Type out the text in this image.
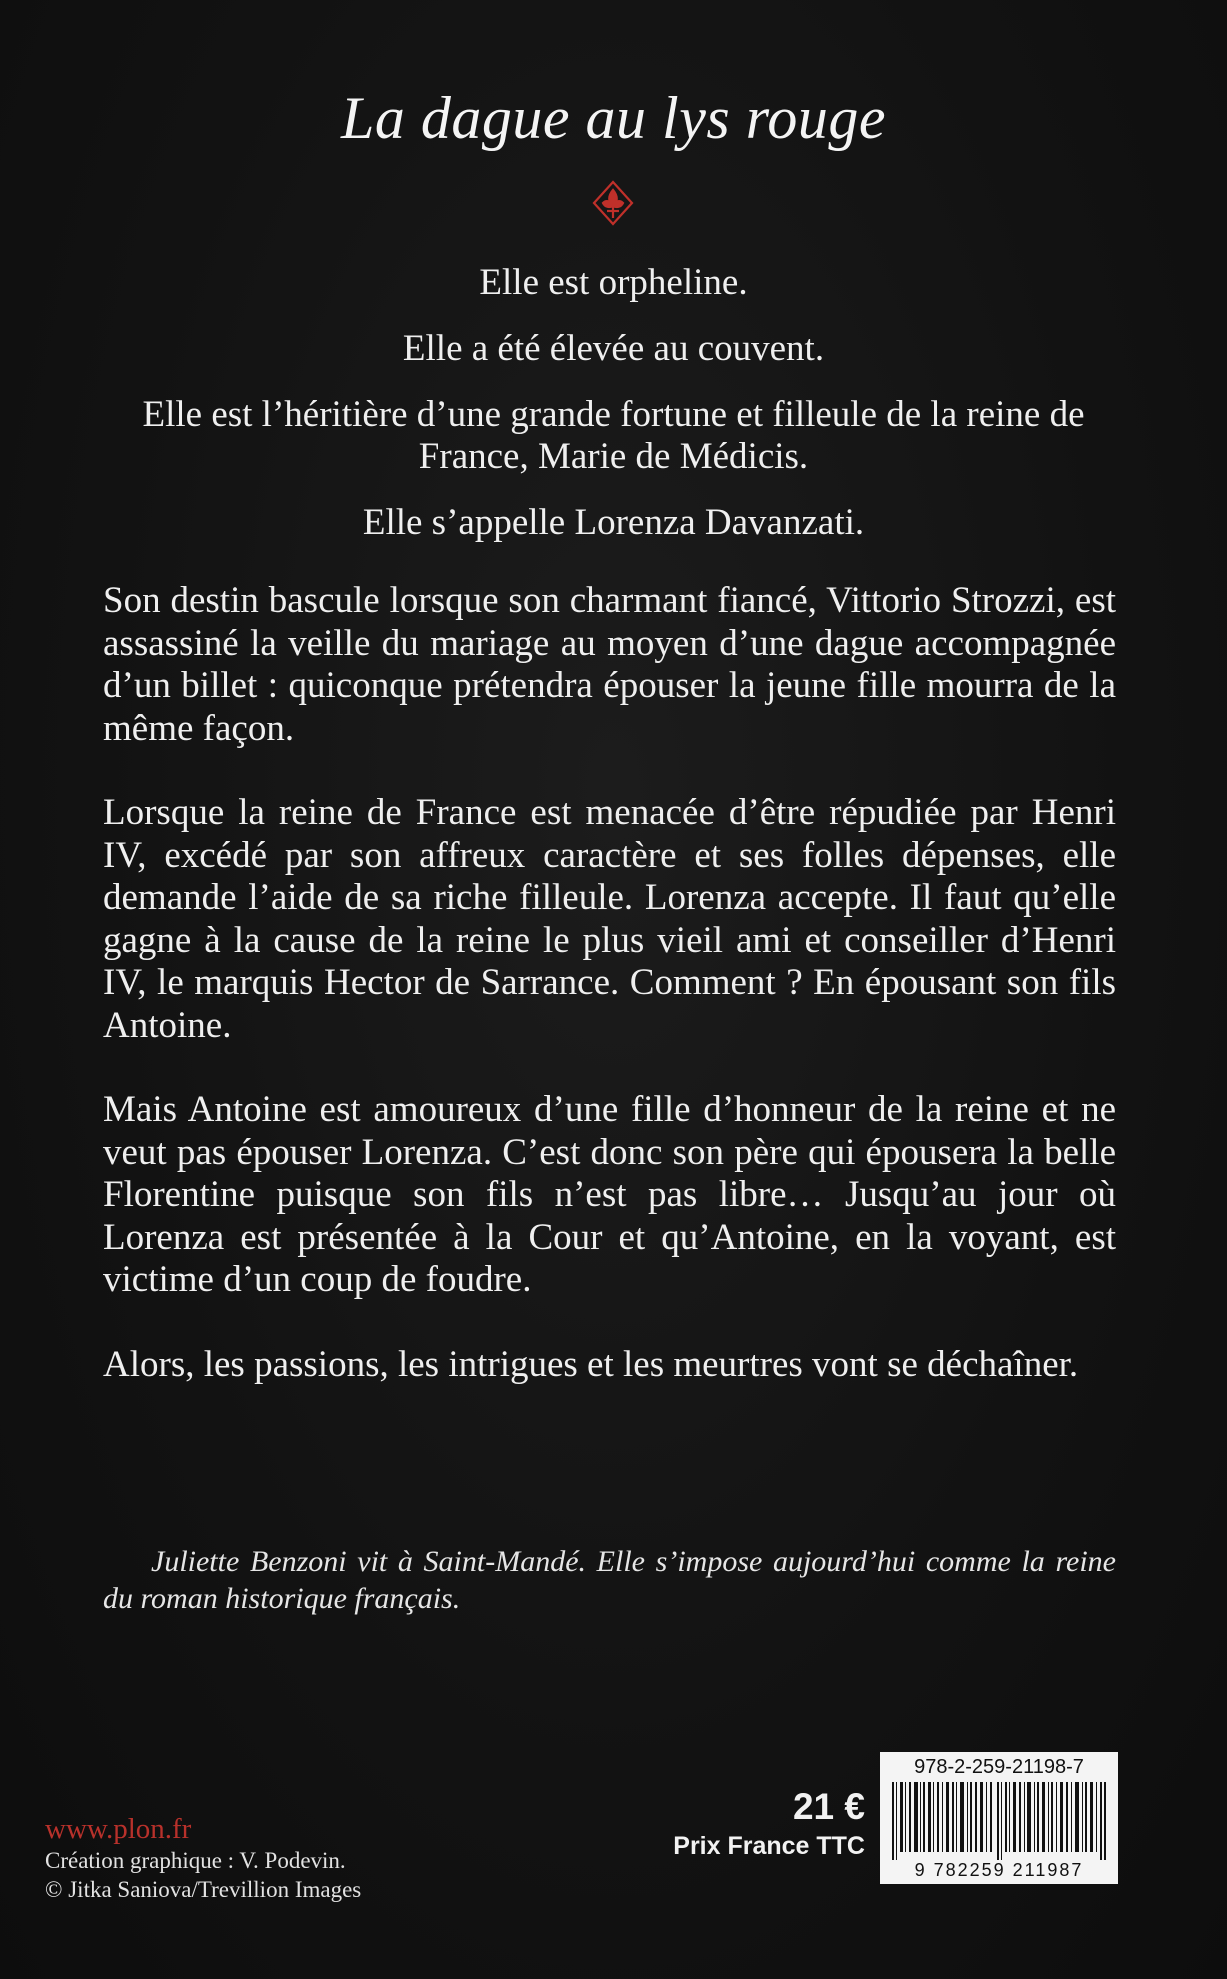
La dague au lys rouge

Elle est orpheline.

Elle a été élevée au couvent.

Elle est l’héritière d’une grande fortune et filleule de la reine de France, Marie de Médicis.

Elle s’appelle Lorenza Davanzati.

Son destin bascule lorsque son charmant fiancé, Vittorio Strozzi, est assassiné la veille du mariage au moyen d’une dague accompagnée d’un billet : quiconque prétendra épouser la jeune fille mourra de la même façon.

Lorsque la reine de France est menacée d’être répudiée par Henri IV, excédé par son affreux caractère et ses folles dépenses, elle demande l’aide de sa riche filleule. Lorenza accepte. Il faut qu’elle gagne à la cause de la reine le plus vieil ami et conseiller d’Henri IV, le marquis Hector de Sarrance. Comment ? En épousant son fils Antoine.

Mais Antoine est amoureux d’une fille d’honneur de la reine et ne veut pas épouser Lorenza. C’est donc son père qui épousera la belle Florentine puisque son fils n’est pas libre… Jusqu’au jour où Lorenza est présentée à la Cour et qu’Antoine, en la voyant, est victime d’un coup de foudre.

Alors, les passions, les intrigues et les meurtres vont se déchaîner.

Juliette Benzoni vit à Saint-Mandé. Elle s’impose aujourd’hui comme la reine du roman historique français.

www.plon.fr
Création graphique : V. Podevin.
© Jitka Saniova/Trevillion Images
21 €
Prix France TTC
978-2-259-21198-7
9 782259 211987
